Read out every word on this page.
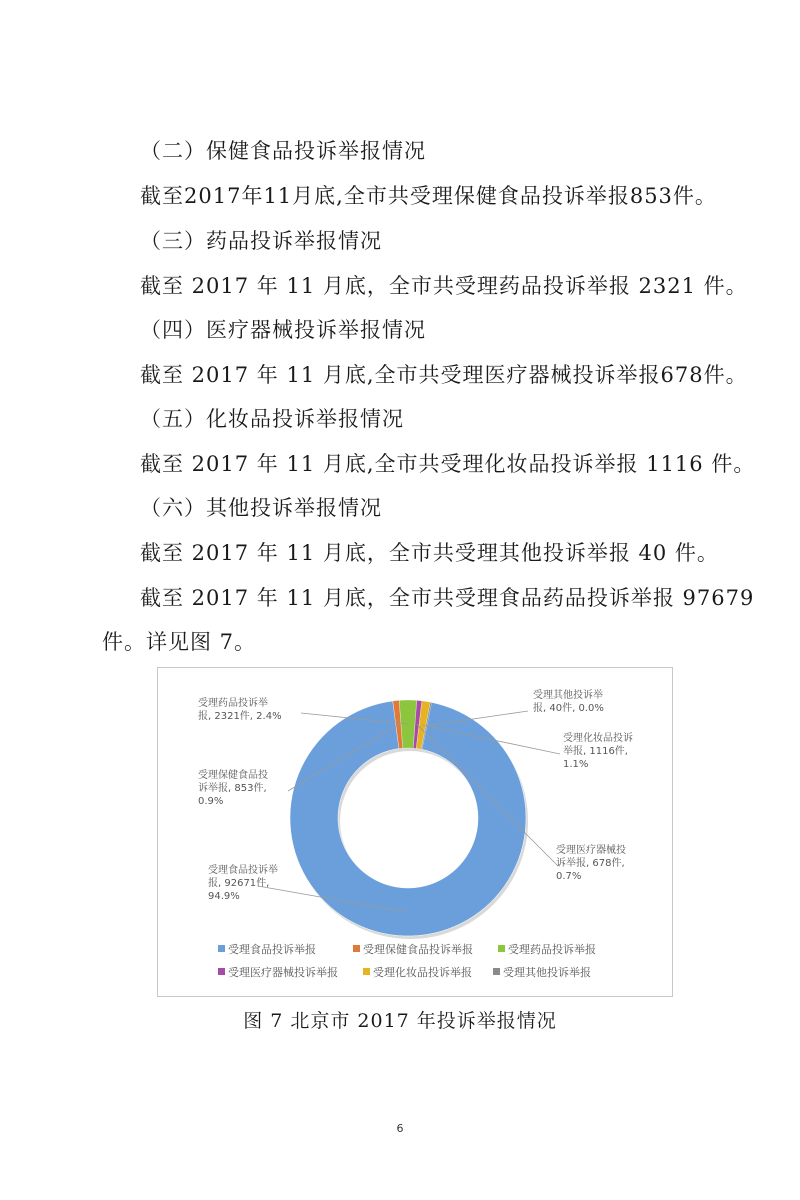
（二）保健食品投诉举报情况
截至2017年11月底,全市共受理保健食品投诉举报853件。
（三）药品投诉举报情况
截至 2017 年 11 月底，全市共受理药品投诉举报 2321 件。
（四）医疗器械投诉举报情况
截至 2017 年 11 月底,全市共受理医疗器械投诉举报678件。
（五）化妆品投诉举报情况
截至 2017 年 11 月底,全市共受理化妆品投诉举报 1116 件。
（六）其他投诉举报情况
截至 2017 年 11 月底，全市共受理其他投诉举报 40 件。
截至 2017 年 11 月底，全市共受理食品药品投诉举报 97679
件。详见图 7。
受理食品投诉举
报, 92671件,
94.9%
受理保健食品投
诉举报, 853件,
0.9%
受理药品投诉举
报, 2321件, 2.4%
受理医疗器械投
诉举报, 678件,
0.7%
受理化妆品投诉
举报, 1116件,
1.1%
受理其他投诉举
报, 40件, 0.0%
受理食品投诉举报	受理保健食品投诉举报	受理药品投诉举报
受理医疗器械投诉举报	受理化妆品投诉举报	受理其他投诉举报
图 7 北京市 2017 年投诉举报情况
6
